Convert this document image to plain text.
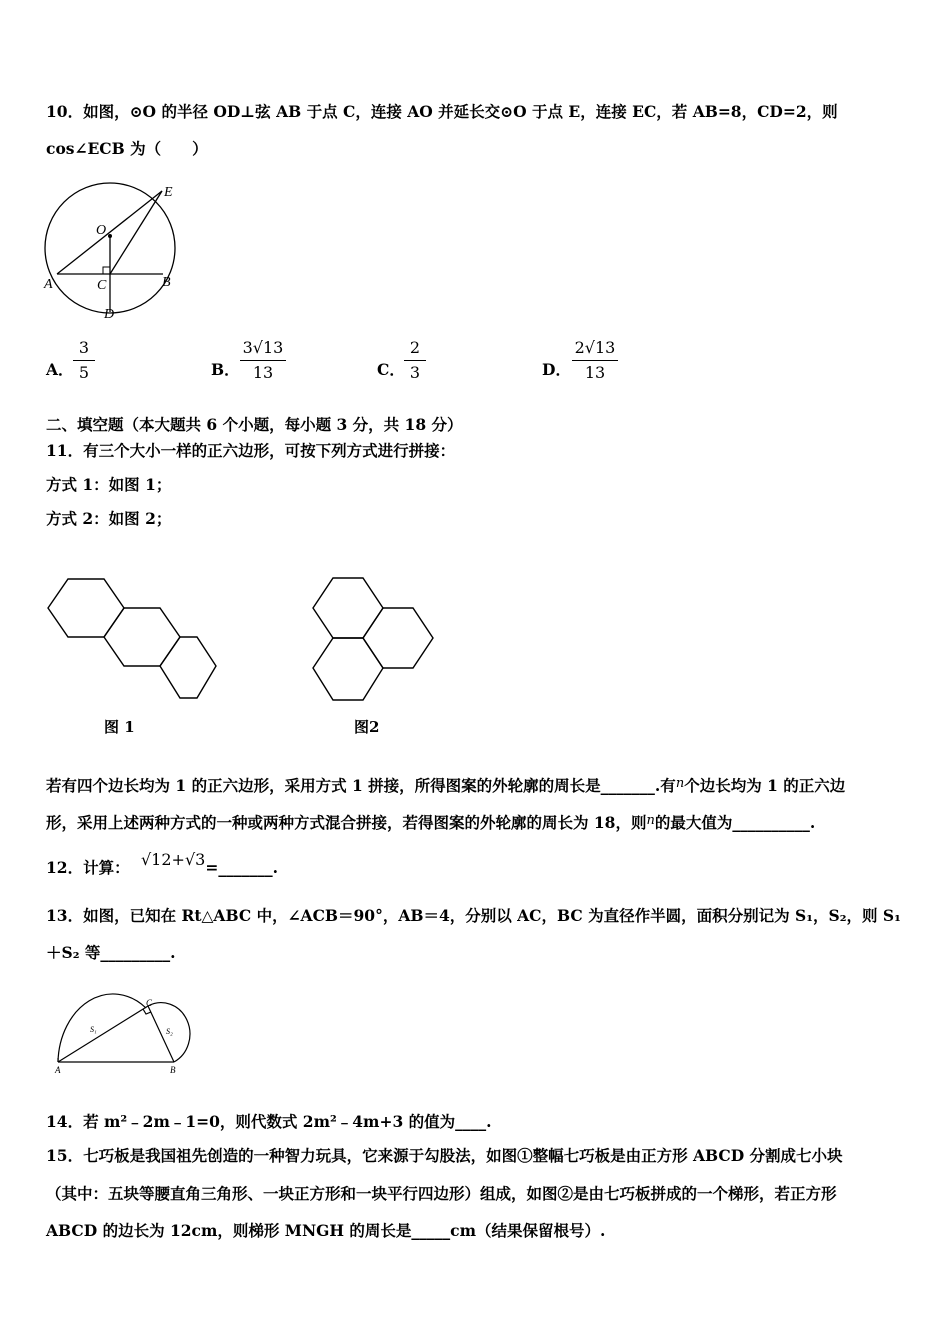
10．如图，⊙O 的半径 OD⊥弦 AB 于点 C，连接 AO 并延长交⊙O 于点 E，连接 EC，若 AB=8，CD=2，则
cos∠ECB 为（　　）
O
E
A	C	B
D
A．
3
5	B．
3√13
13	C．
2
3	D．
2√13
13
二、填空题（本大题共 6 个小题，每小题 3 分，共 18 分）
11．有三个大小一样的正六边形，可按下列方式进行拼接：
方式 1：如图 1；
方式 2：如图 2；
图 1	图2
若有四个边长均为 1 的正六边形，采用方式 1 拼接，所得图案的外轮廓的周长是_______.有$^n$个边长均为 1 的正六边
形，采用上述两种方式的一种或两种方式混合拼接，若得图案的外轮廓的周长为 18，则$^n$的最大值为__________.
12．计算： √12+√3=_______.
13．如图，已知在 Rt△ABC 中，∠ACB＝90°，AB＝4，分别以 AC，BC 为直径作半圆，面积分别记为 S₁，S₂，则 S₁
＋S₂ 等_________.
A	B
C
S₁	S₂
14．若 m²﹣2m﹣1=0，则代数式 2m²﹣4m+3 的值为____.
15．七巧板是我国祖先创造的一种智力玩具，它来源于勾股法，如图①整幅七巧板是由正方形 ABCD 分割成七小块
（其中：五块等腰直角三角形、一块正方形和一块平行四边形）组成，如图②是由七巧板拼成的一个梯形，若正方形
ABCD 的边长为 12cm，则梯形 MNGH 的周长是_____cm（结果保留根号）.
